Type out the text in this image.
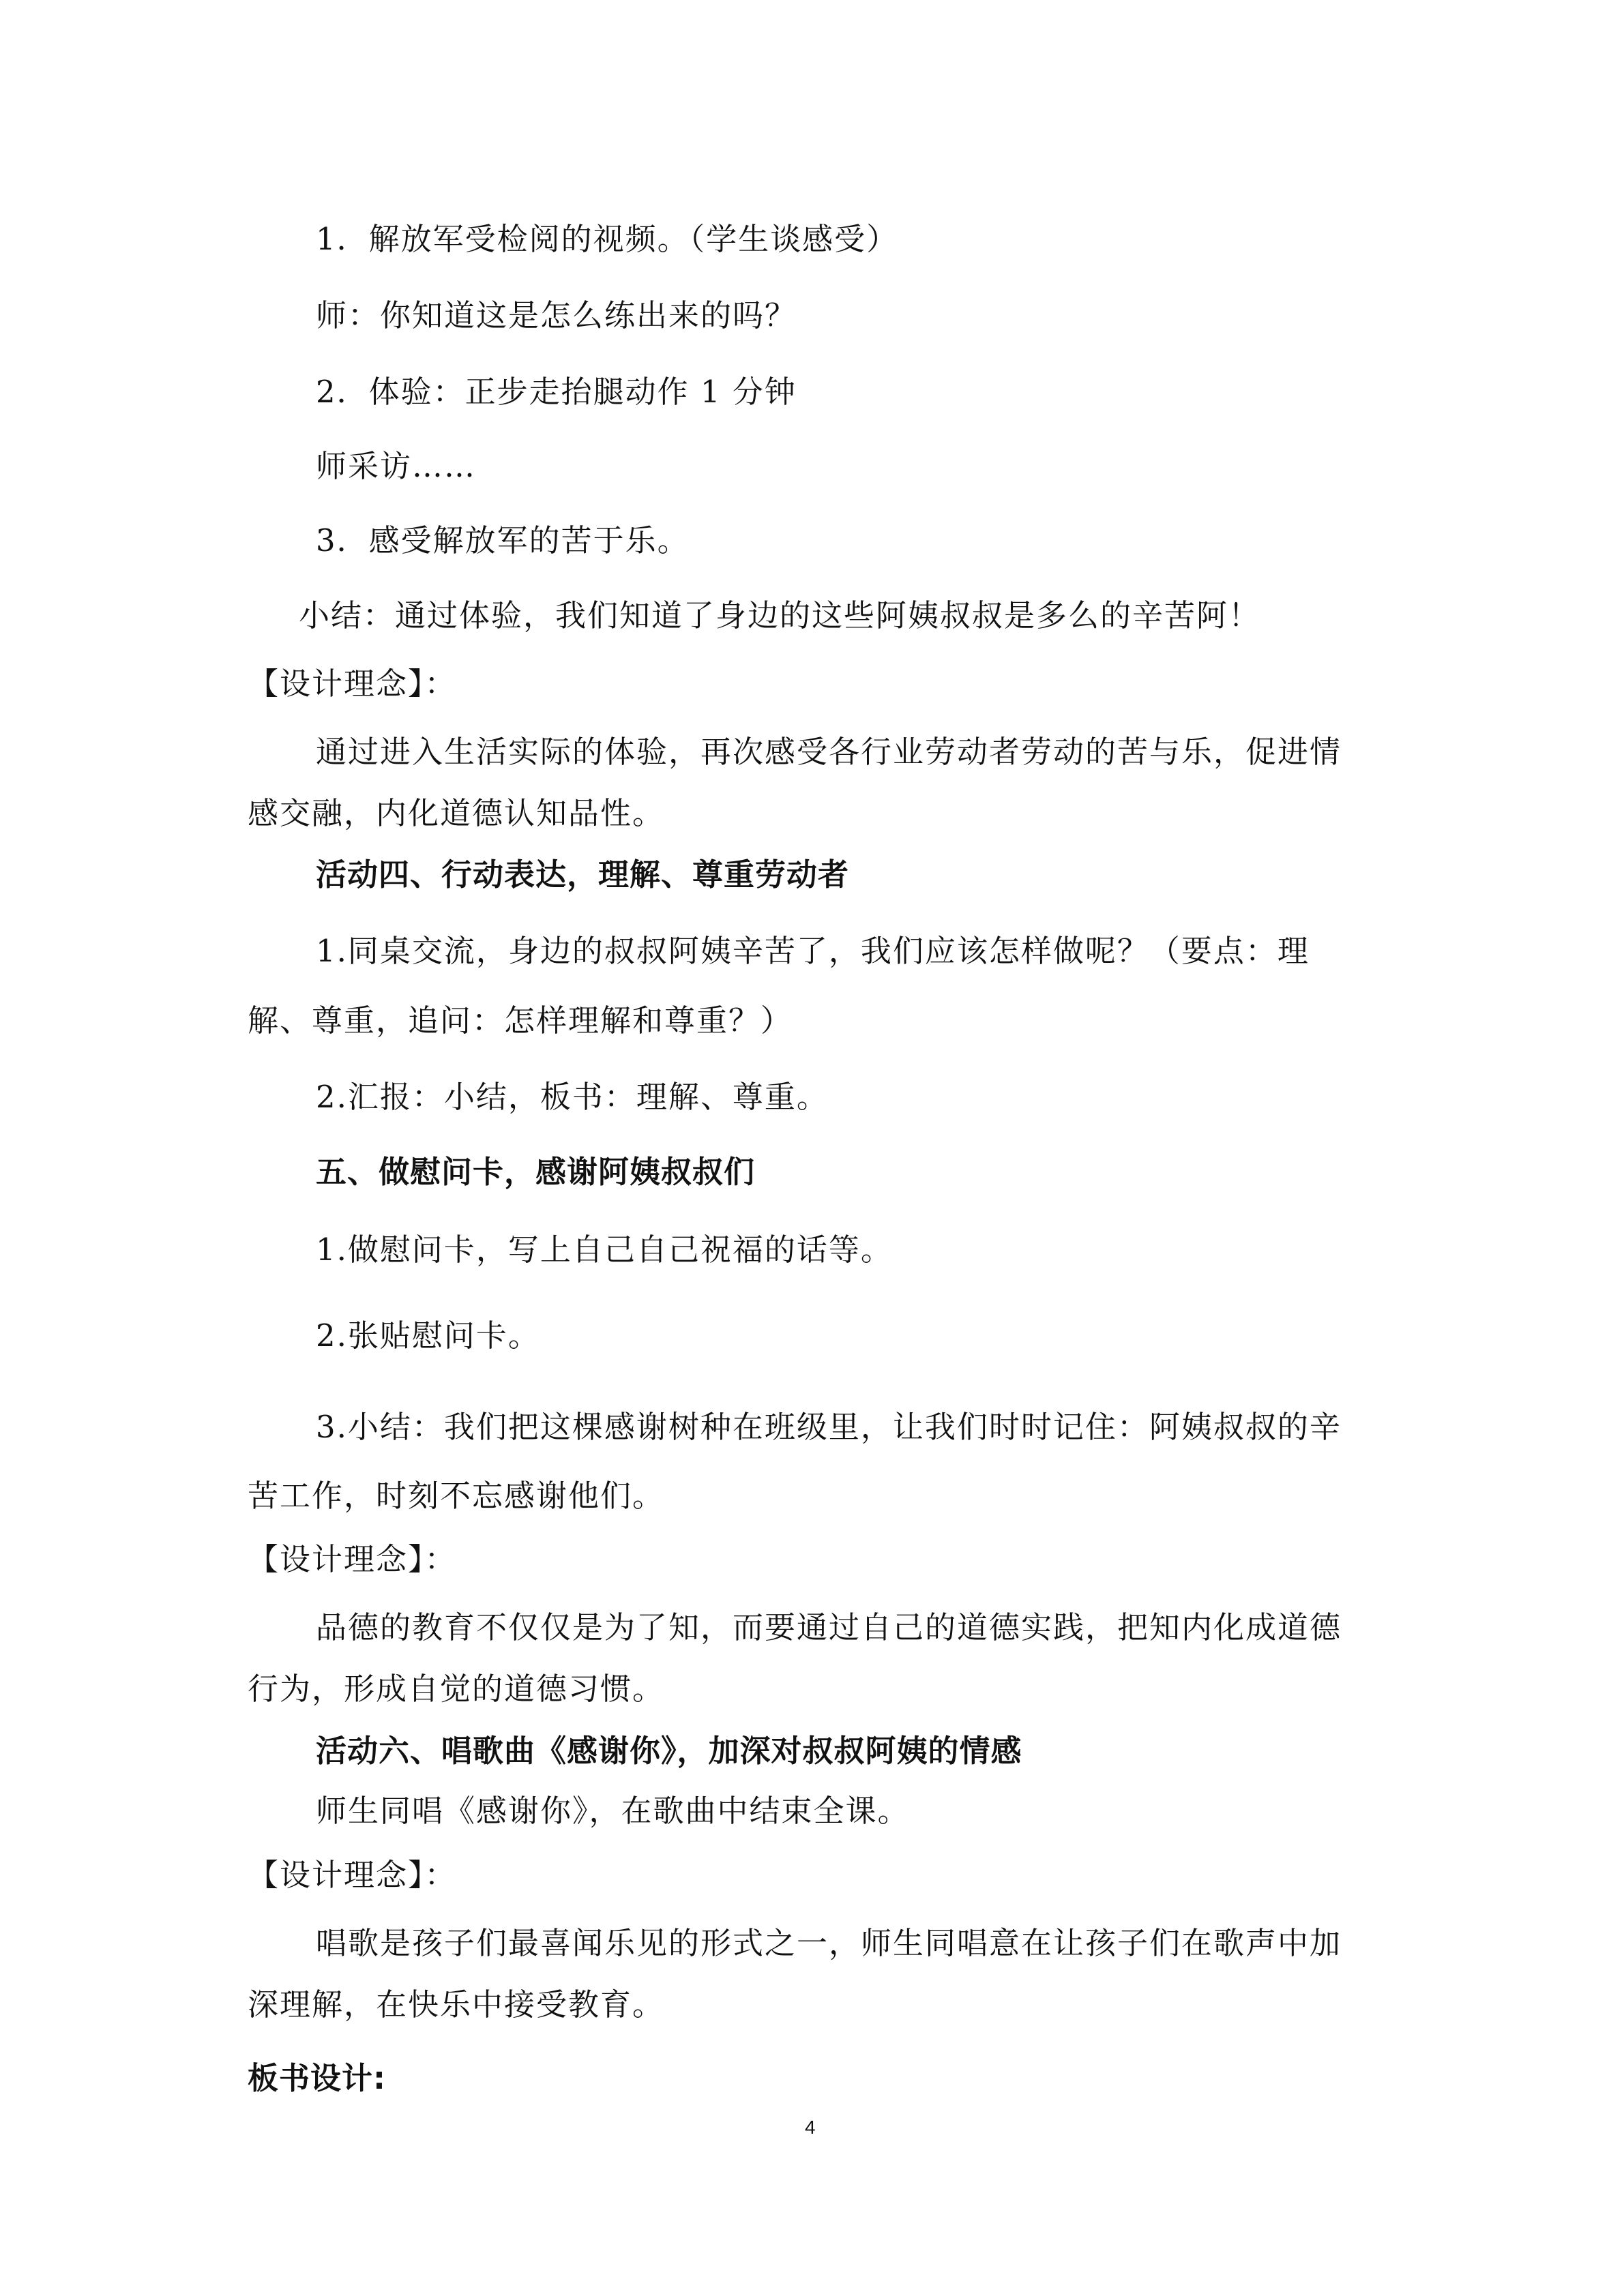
1．解放军受检阅的视频。（学生谈感受）
师：你知道这是怎么练出来的吗？
2．体验：正步走抬腿动作 1 分钟
师采访……
3．感受解放军的苦于乐。
小结：通过体验，我们知道了身边的这些阿姨叔叔是多么的辛苦阿！
【设计理念】：
通过进入生活实际的体验，再次感受各行业劳动者劳动的苦与乐，促进情
感交融，内化道德认知品性。
活动四、行动表达，理解、尊重劳动者
1.同桌交流，身边的叔叔阿姨辛苦了，我们应该怎样做呢？（要点：理
解、尊重，追问：怎样理解和尊重？）
2.汇报：小结，板书：理解、尊重。
五、做慰问卡，感谢阿姨叔叔们
1.做慰问卡，写上自己自己祝福的话等。
2.张贴慰问卡。
3.小结：我们把这棵感谢树种在班级里，让我们时时记住：阿姨叔叔的辛
苦工作，时刻不忘感谢他们。
【设计理念】：
品德的教育不仅仅是为了知，而要通过自己的道德实践，把知内化成道德
行为，形成自觉的道德习惯。
活动六、唱歌曲《感谢你》，加深对叔叔阿姨的情感
师生同唱《感谢你》，在歌曲中结束全课。
【设计理念】：
唱歌是孩子们最喜闻乐见的形式之一，师生同唱意在让孩子们在歌声中加
深理解，在快乐中接受教育。
板书设计:
4
